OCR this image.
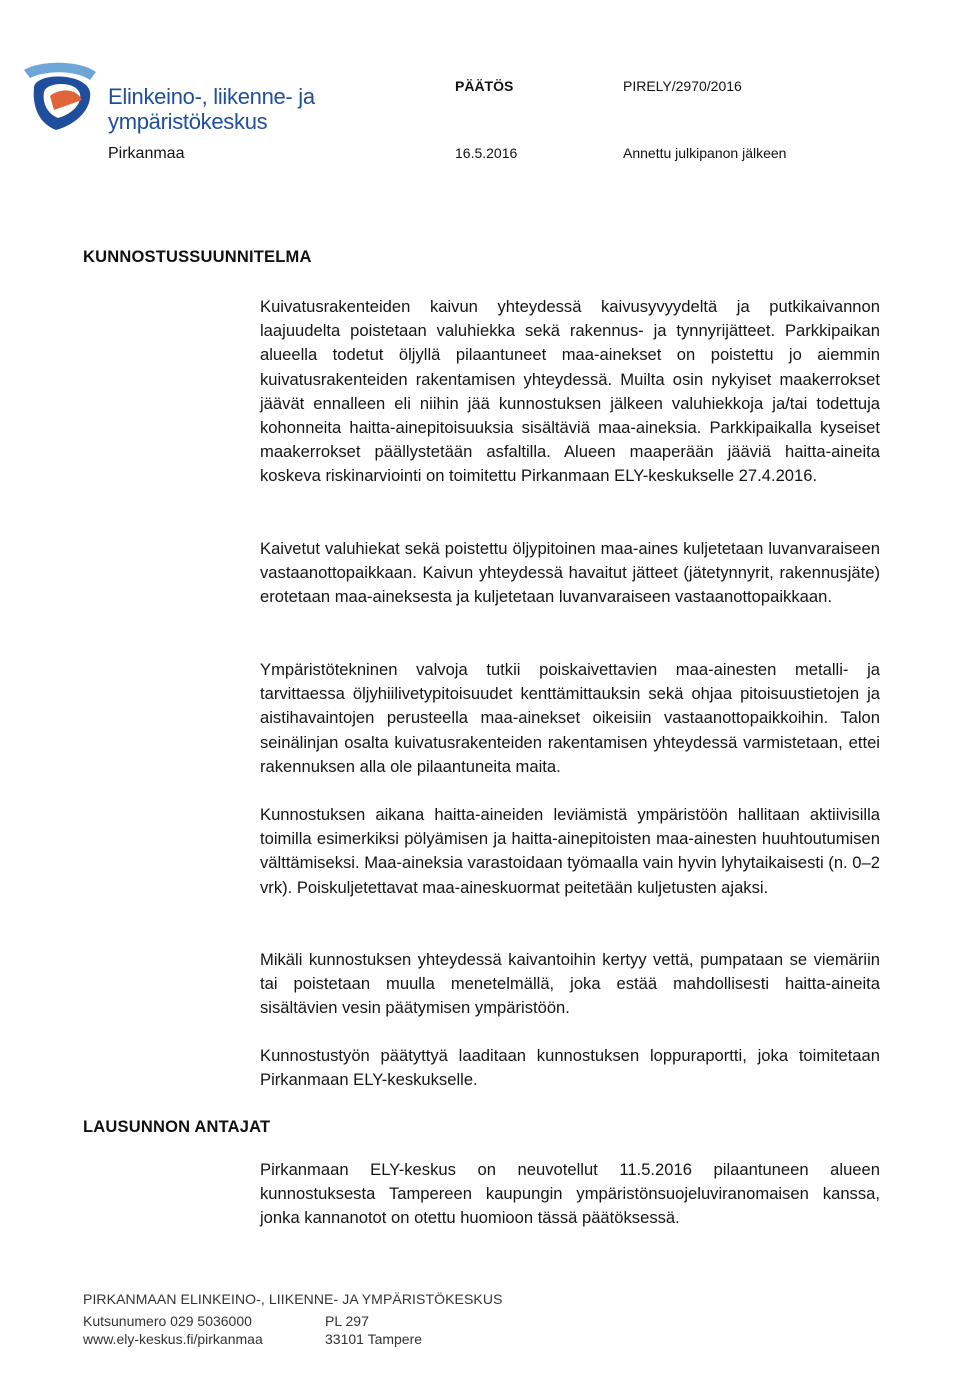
Elinkeino-, liikenne- ja ympäristökeskus
Pirkanmaa
PÄÄTÖS
16.5.2016
PIRELY/2970/2016
Annettu julkipanon jälkeen
KUNNOSTUSSUUNNITELMA
Kuivatusrakenteiden kaivun yhteydessä kaivusyvyydeltä ja putkikaivannon laajuudelta poistetaan valuhiekka sekä rakennus- ja tynnyrijätteet. Parkkipaikan alueella todetut öljyllä pilaantuneet maa-ainekset on poistettu jo aiemmin kuivatusrakenteiden rakentamisen yhteydessä. Muilta osin nykyiset maakerrokset jäävät ennalleen eli niihin jää kunnostuksen jälkeen valuhiekkoja ja/tai todettuja kohonneita haitta-ainepitoisuuksia sisältäviä maa-aineksia. Parkkipaikalla kyseiset maakerrokset päällystetään asfaltilla. Alueen maaperään jääviä haitta-aineita koskeva riskinarviointi on toimitettu Pirkanmaan ELY-keskukselle 27.4.2016.
Kaivetut valuhiekat sekä poistettu öljypitoinen maa-aines kuljetetaan luvanvaraiseen vastaanottopaikkaan. Kaivun yhteydessä havaitut jätteet (jätetynnyrit, rakennusjäte) erotetaan maa-aineksesta ja kuljetetaan luvanvaraiseen vastaanottopaikkaan.
Ympäristötekninen valvoja tutkii poiskaivettavien maa-ainesten metalli- ja tarvittaessa öljyhiilivetypitoisuudet kenttämittauksin sekä ohjaa pitoisuustietojen ja aistihavaintojen perusteella maa-ainekset oikeisiin vastaanottopaikkoihin. Talon seinälinjan osalta kuivatusrakenteiden rakentamisen yhteydessä varmistetaan, ettei rakennuksen alla ole pilaantuneita maita.
Kunnostuksen aikana haitta-aineiden leviämistä ympäristöön hallitaan aktiivisilla toimilla esimerkiksi pölyämisen ja haitta-ainepitoisten maa-ainesten huuhtoutumisen välttämiseksi. Maa-aineksia varastoidaan työmaalla vain hyvin lyhytaikaisesti (n. 0–2 vrk). Poiskuljetettavat maa-aineskuormat peitetään kuljetusten ajaksi.
Mikäli kunnostuksen yhteydessä kaivantoihin kertyy vettä, pumpataan se viemäriin tai poistetaan muulla menetelmällä, joka estää mahdollisesti haitta-aineita sisältävien vesin päätymisen ympäristöön.
Kunnostustyön päätyttyä laaditaan kunnostuksen loppuraportti, joka toimitetaan Pirkanmaan ELY-keskukselle.
LAUSUNNON ANTAJAT
Pirkanmaan ELY-keskus on neuvotellut 11.5.2016 pilaantuneen alueen kunnostuksesta Tampereen kaupungin ympäristönsuojeluviranomaisen kanssa, jonka kannanotot on otettu huomioon tässä päätöksessä.
PIRKANMAAN ELINKEINO-, LIIKENNE- JA YMPÄRISTÖKESKUS
Kutsunumero 029 5036000
www.ely-keskus.fi/pirkanmaa
PL 297
33101 Tampere
